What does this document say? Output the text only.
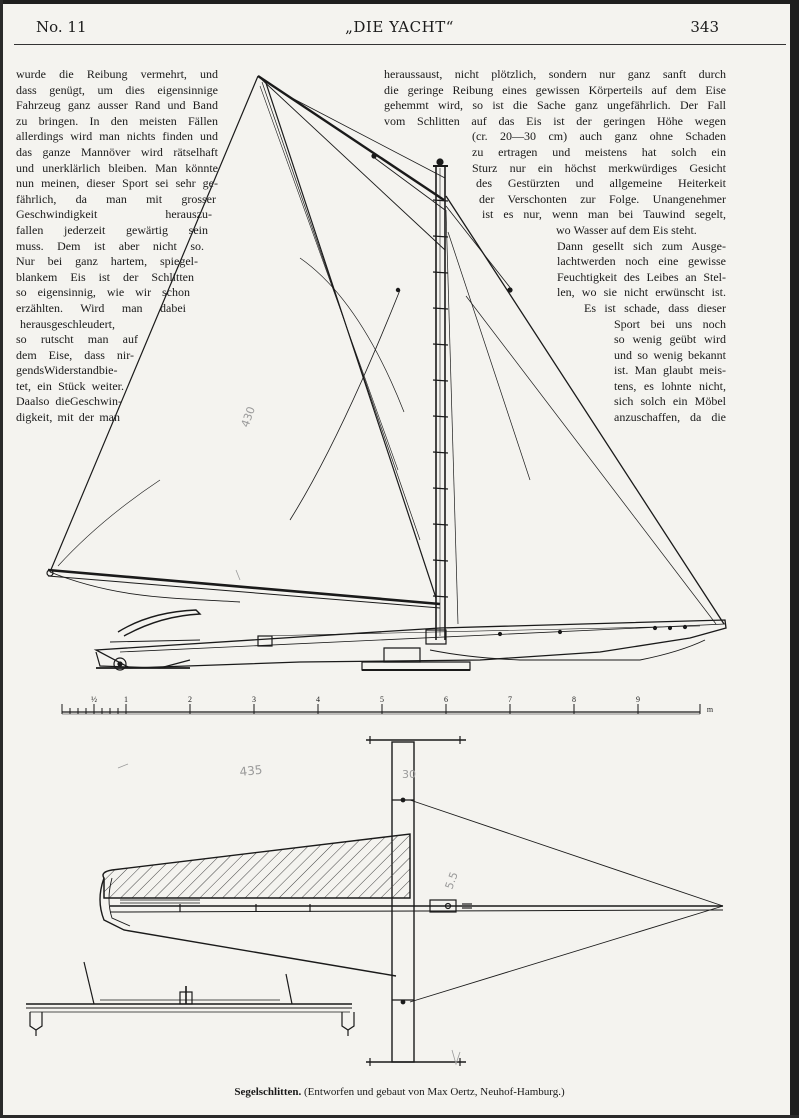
No. 11	„DIE YACHT“	343
½	1	2	3	4	5	6	7	8	9
m
30
5.5
435
430
wurde die Reibung vermehrt, und
dass genügt, um dies eigensinnige
Fahrzeug ganz ausser Rand und Band
zu bringen. In den meisten Fällen
allerdings wird man nichts finden und
das ganze Mannöver wird rätselhaft
und unerklärlich bleiben. Man könnte
nun meinen, dieser Sport sei sehr ge-
fährlich, da man mit grosser
Geschwindigkeit herauszu-
fallen jederzeit gewärtig sein
muss. Dem ist aber nicht so.
Nur bei ganz hartem, spiegel-
blankem Eis ist der Schlitten
so eigensinnig, wie wir schon
erzählten. Wird man dabei
herausgeschleudert,
so rutscht man auf
dem Eise, dass nir-
gendsWiderstandbie-
tet, ein Stück weiter.
Daalso dieGeschwin-
digkeit, mit der man
heraussaust, nicht plötzlich, sondern nur ganz sanft durch
die geringe Reibung eines gewissen Körperteils auf dem Eise
gehemmt wird, so ist die Sache ganz ungefährlich. Der Fall
vom Schlitten auf das Eis ist der geringen Höhe wegen
(cr. 20—30 cm) auch ganz ohne Schaden
zu ertragen und meistens hat solch ein
Sturz nur ein höchst merkwürdiges Gesicht
des Gestürzten und allgemeine Heiterkeit
der Verschonten zur Folge. Unangenehmer
ist es nur, wenn man bei Tauwind segelt,
wo Wasser auf dem Eis steht.
Dann gesellt sich zum Ausge-
lachtwerden noch eine gewisse
Feuchtigkeit des Leibes an Stel-
len, wo sie nicht erwünscht ist.
Es ist schade, dass dieser
Sport bei uns noch
so wenig geübt wird
und so wenig bekannt
ist. Man glaubt meis-
tens, es lohnte nicht,
sich solch ein Möbel
anzuschaffen, da die
Segelschlitten. (Entworfen und gebaut von Max Oertz, Neuhof-Hamburg.)
